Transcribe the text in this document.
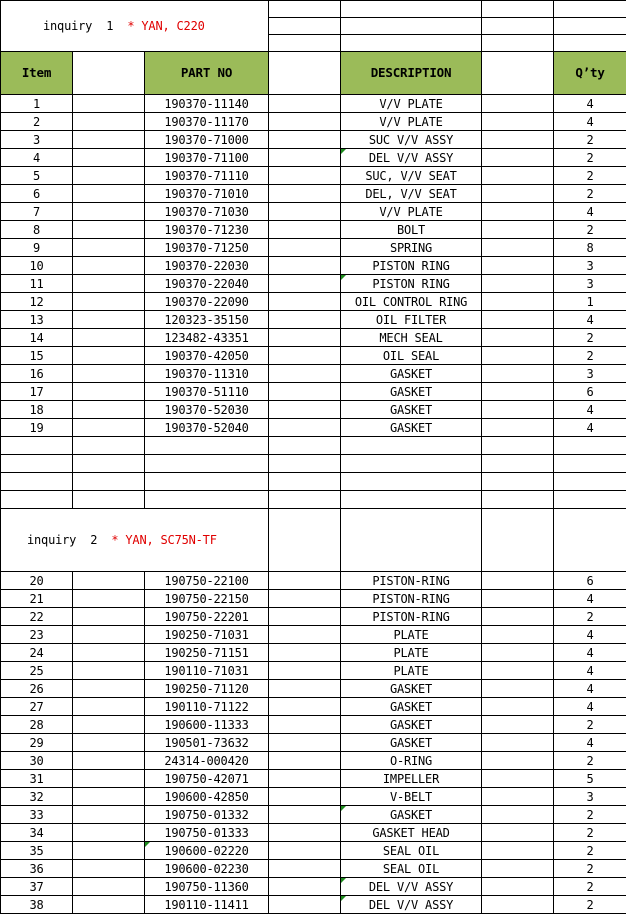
inquiry 1 * YAN, C220						

Item		PART NO		DESCRIPTION		Q’ty
1		190370-11140		V/V PLATE		4
2		190370-11170		V/V PLATE		4
3		190370-71000		SUC V/V ASSY		2
4		190370-71100		DEL V/V ASSY		2
5		190370-71110		SUC, V/V SEAT		2
6		190370-71010		DEL, V/V SEAT		2
7		190370-71030		V/V PLATE		4
8		190370-71230		BOLT		2
9		190370-71250		SPRING		8
10		190370-22030		PISTON RING		3
11		190370-22040		PISTON RING		3
12		190370-22090		OIL CONTROL RING		1
13		120323-35150		OIL FILTER		4
14		123482-43351		MECH SEAL		2
15		190370-42050		OIL SEAL		2
16		190370-11310		GASKET		3
17		190370-51110		GASKET		6
18		190370-52030		GASKET		4
19		190370-52040		GASKET		4

inquiry 2 * YAN, SC75N-TF						
20		190750-22100		PISTON-RING		6
21		190750-22150		PISTON-RING		4
22		190750-22201		PISTON-RING		2
23		190250-71031		PLATE		4
24		190250-71151		PLATE		4
25		190110-71031		PLATE		4
26		190250-71120		GASKET		4
27		190110-71122		GASKET		4
28		190600-11333		GASKET		2
29		190501-73632		GASKET		4
30		24314-000420		O-RING		2
31		190750-42071		IMPELLER		5
32		190600-42850		V-BELT		3
33		190750-01332		GASKET		2
34		190750-01333		GASKET HEAD		2
35		190600-02220		SEAL OIL		2
36		190600-02230		SEAL OIL		2
37		190750-11360		DEL V/V ASSY		2
38		190110-11411		DEL V/V ASSY		2
